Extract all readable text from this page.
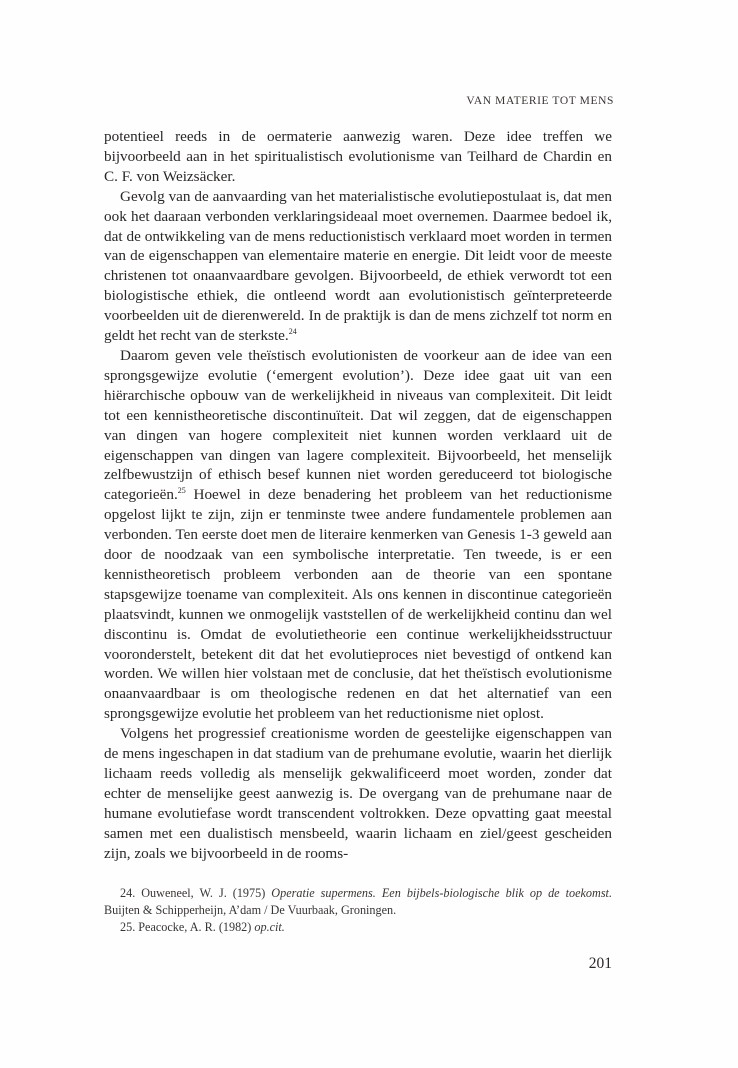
VAN MATERIE TOT MENS

potentieel reeds in de oermaterie aanwezig waren. Deze idee treffen we bijvoorbeeld aan in het spiritualistisch evolutionisme van Teilhard de Chardin en C. F. von Weizsäcker.

Gevolg van de aanvaarding van het materialistische evolutiepostulaat is, dat men ook het daaraan verbonden verklaringsideaal moet overnemen. Daarmee bedoel ik, dat de ontwikkeling van de mens reductionistisch verklaard moet worden in termen van de eigenschappen van elementaire materie en energie. Dit leidt voor de meeste christenen tot onaanvaardbare gevolgen. Bijvoorbeeld, de ethiek verwordt tot een biologistische ethiek, die ontleend wordt aan evolutionistisch geïnterpreteerde voorbeelden uit de dierenwereld. In de praktijk is dan de mens zichzelf tot norm en geldt het recht van de sterkste.$^{24}$

Daarom geven vele theïstisch evolutionisten de voorkeur aan de idee van een sprongsgewijze evolutie (‘emergent evolution’). Deze idee gaat uit van een hiërarchische opbouw van de werkelijkheid in niveaus van complexiteit. Dit leidt tot een kennistheoretische discontinuïteit. Dat wil zeggen, dat de eigenschappen van dingen van hogere complexiteit niet kunnen worden verklaard uit de eigenschappen van dingen van lagere complexiteit. Bijvoorbeeld, het menselijk zelfbewustzijn of ethisch besef kunnen niet worden gereduceerd tot biologische categorieën.$^{25}$ Hoewel in deze benadering het probleem van het reductionisme opgelost lijkt te zijn, zijn er tenminste twee andere fundamentele problemen aan verbonden. Ten eerste doet men de literaire kenmerken van Genesis 1-3 geweld aan door de noodzaak van een symbolische interpretatie. Ten tweede, is er een kennistheoretisch probleem verbonden aan de theorie van een spontane stapsgewijze toename van complexiteit. Als ons kennen in discontinue categorieën plaatsvindt, kunnen we onmogelijk vaststellen of de werkelijkheid continu dan wel discontinu is. Omdat de evolutietheorie een continue werkelijkheidsstructuur vooronderstelt, betekent dit dat het evolutieproces niet bevestigd of ontkend kan worden. We willen hier volstaan met de conclusie, dat het theïstisch evolutionisme onaanvaardbaar is om theologische redenen en dat het alternatief van een sprongsgewijze evolutie het probleem van het reductionisme niet oplost.

Volgens het progressief creationisme worden de geestelijke eigenschappen van de mens ingeschapen in dat stadium van de prehumane evolutie, waarin het dierlijk lichaam reeds volledig als menselijk gekwalificeerd moet worden, zonder dat echter de menselijke geest aanwezig is. De overgang van de prehumane naar de humane evolutiefase wordt transcendent voltrokken. Deze opvatting gaat meestal samen met een dualistisch mensbeeld, waarin lichaam en ziel/geest gescheiden zijn, zoals we bijvoorbeeld in de rooms-

24. Ouweneel, W. J. (1975) Operatie supermens. Een bijbels-biologische blik op de toekomst. Buijten & Schipperheijn, A’dam / De Vuurbaak, Groningen.

25. Peacocke, A. R. (1982) op.cit.

201
